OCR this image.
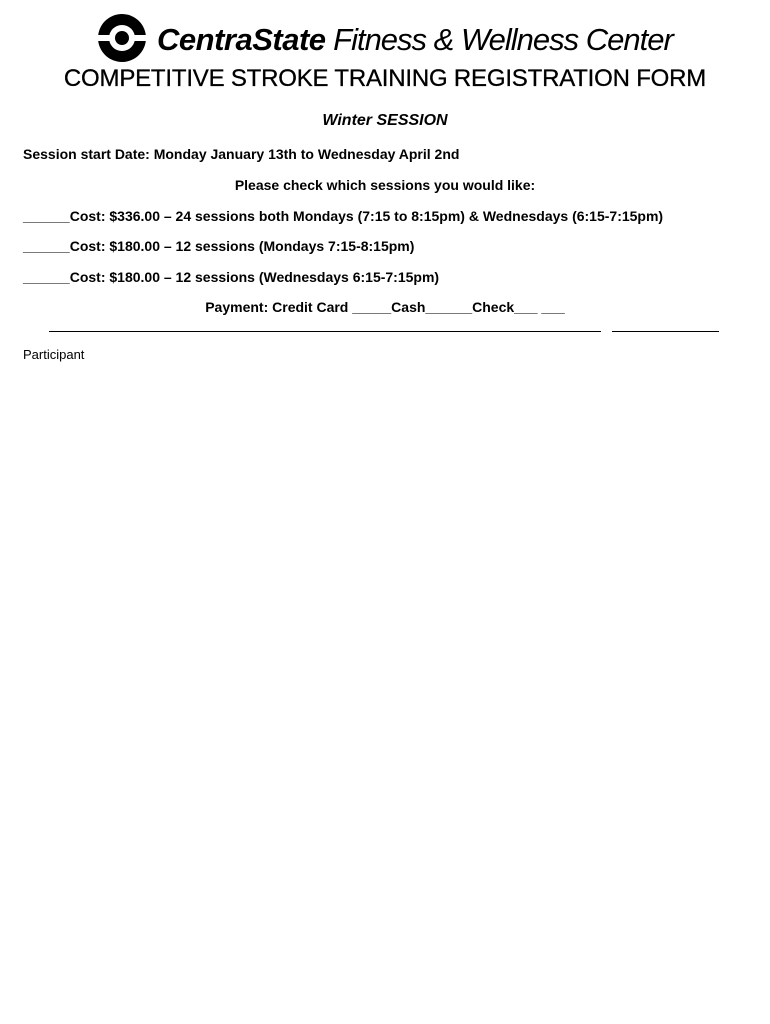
CentraState Fitness & Wellness Center
COMPETITIVE STROKE TRAINING REGISTRATION FORM
Winter SESSION
Session start Date: Monday January 13th to Wednesday April 2nd
Please check which sessions you would like:
______Cost: $336.00 – 24 sessions both Mondays (7:15 to 8:15pm) & Wednesdays (6:15-7:15pm)
______Cost: $180.00 – 12 sessions (Mondays 7:15-8:15pm)
______Cost: $180.00 – 12 sessions (Wednesdays 6:15-7:15pm)
Payment: Credit Card _____Cash______Check___ ___
Participant
